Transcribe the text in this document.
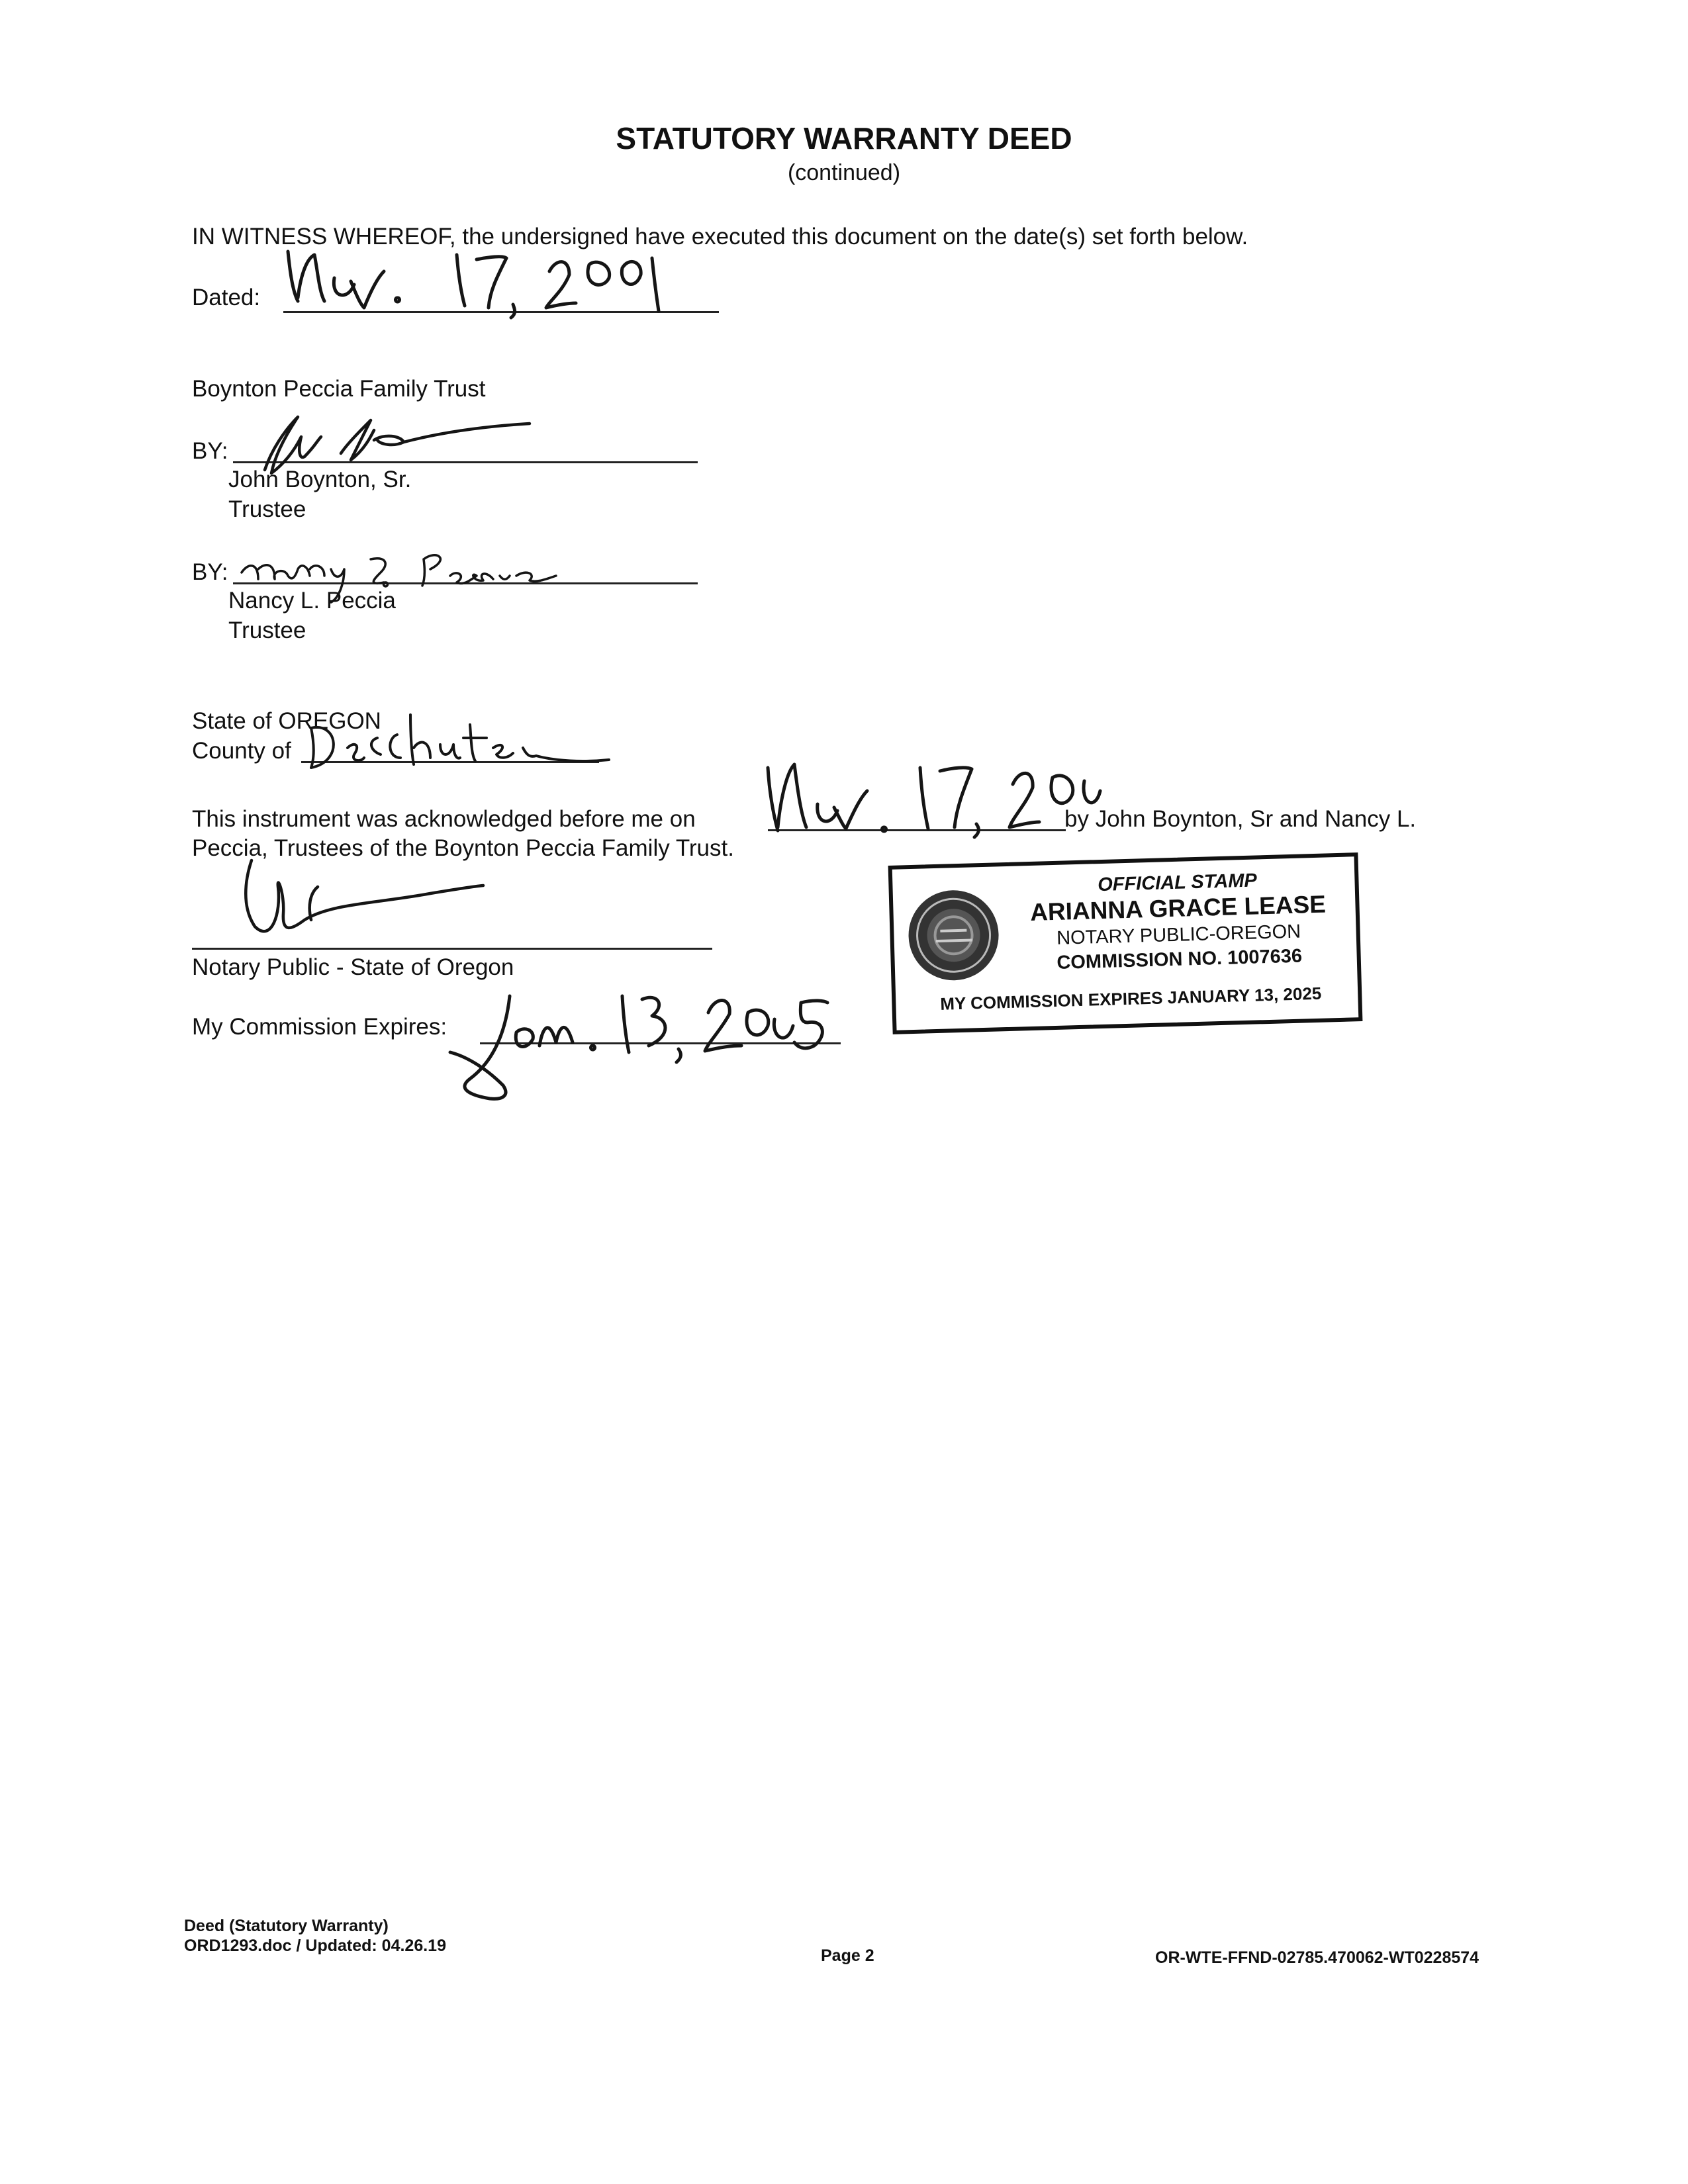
STATUTORY WARRANTY DEED
(continued)
IN WITNESS WHEREOF, the undersigned have executed this document on the date(s) set forth below.
Dated:
Boynton Peccia Family Trust
BY:
John Boynton, Sr.
Trustee
BY:
Nancy L. Peccia
Trustee
State of OREGON
County of
This instrument was acknowledged before me on	by John Boynton, Sr and Nancy L.
Peccia, Trustees of the Boynton Peccia Family Trust.
Notary Public - State of Oregon
My Commission Expires:
OFFICIAL STAMP
ARIANNA GRACE LEASE
NOTARY PUBLIC-OREGON
COMMISSION NO. 1007636
MY COMMISSION EXPIRES JANUARY 13, 2025
Deed (Statutory Warranty)
ORD1293.doc / Updated: 04.26.19
Page 2	OR-WTE-FFND-02785.470062-WT0228574
